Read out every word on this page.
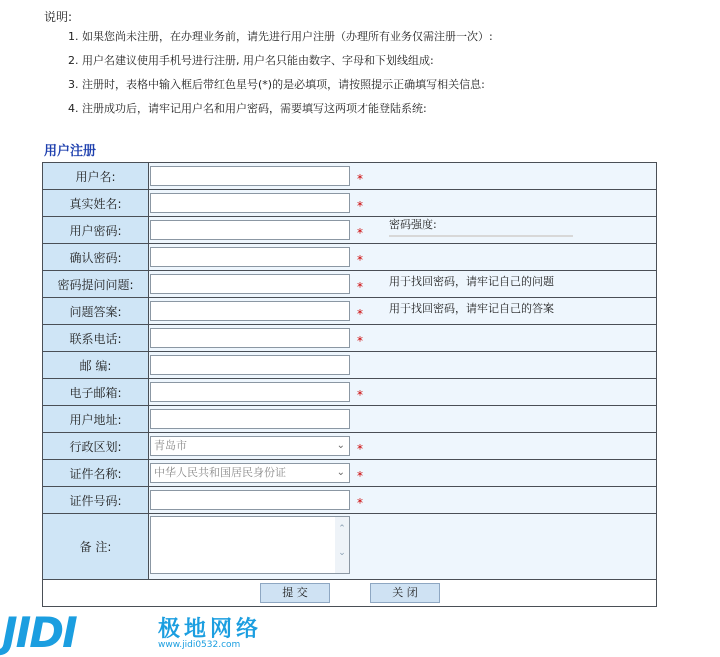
说明:
1. 如果您尚未注册，在办理业务前，请先进行用户注册（办理所有业务仅需注册一次）:
2. 用户名建议使用手机号进行注册, 用户名只能由数字、字母和下划线组成:
3. 注册时，表格中输入框后带红色星号(*)的是必填项，请按照提示正确填写相关信息:
4. 注册成功后，请牢记用户名和用户密码，需要填写这两项才能登陆系统:
用户注册
用户名:	*
真实姓名:	*
用户密码:	*密码强度:

确认密码:	*
密码提问问题:	* 用于找回密码，请牢记自己的问题
问题答案:	* 用于找回密码，请牢记自己的答案
联系电话:	*
邮 编:	
电子邮箱:	*
用户地址:	
行政区划:	青岛市 ⌄ *
证件名称:	中华人民共和国居民身份证 ⌄ *
证件号码:	*
备 注:	⌃
⌄

提 交 关 闭	
JIDI	极地网络
www.jidi0532.com
